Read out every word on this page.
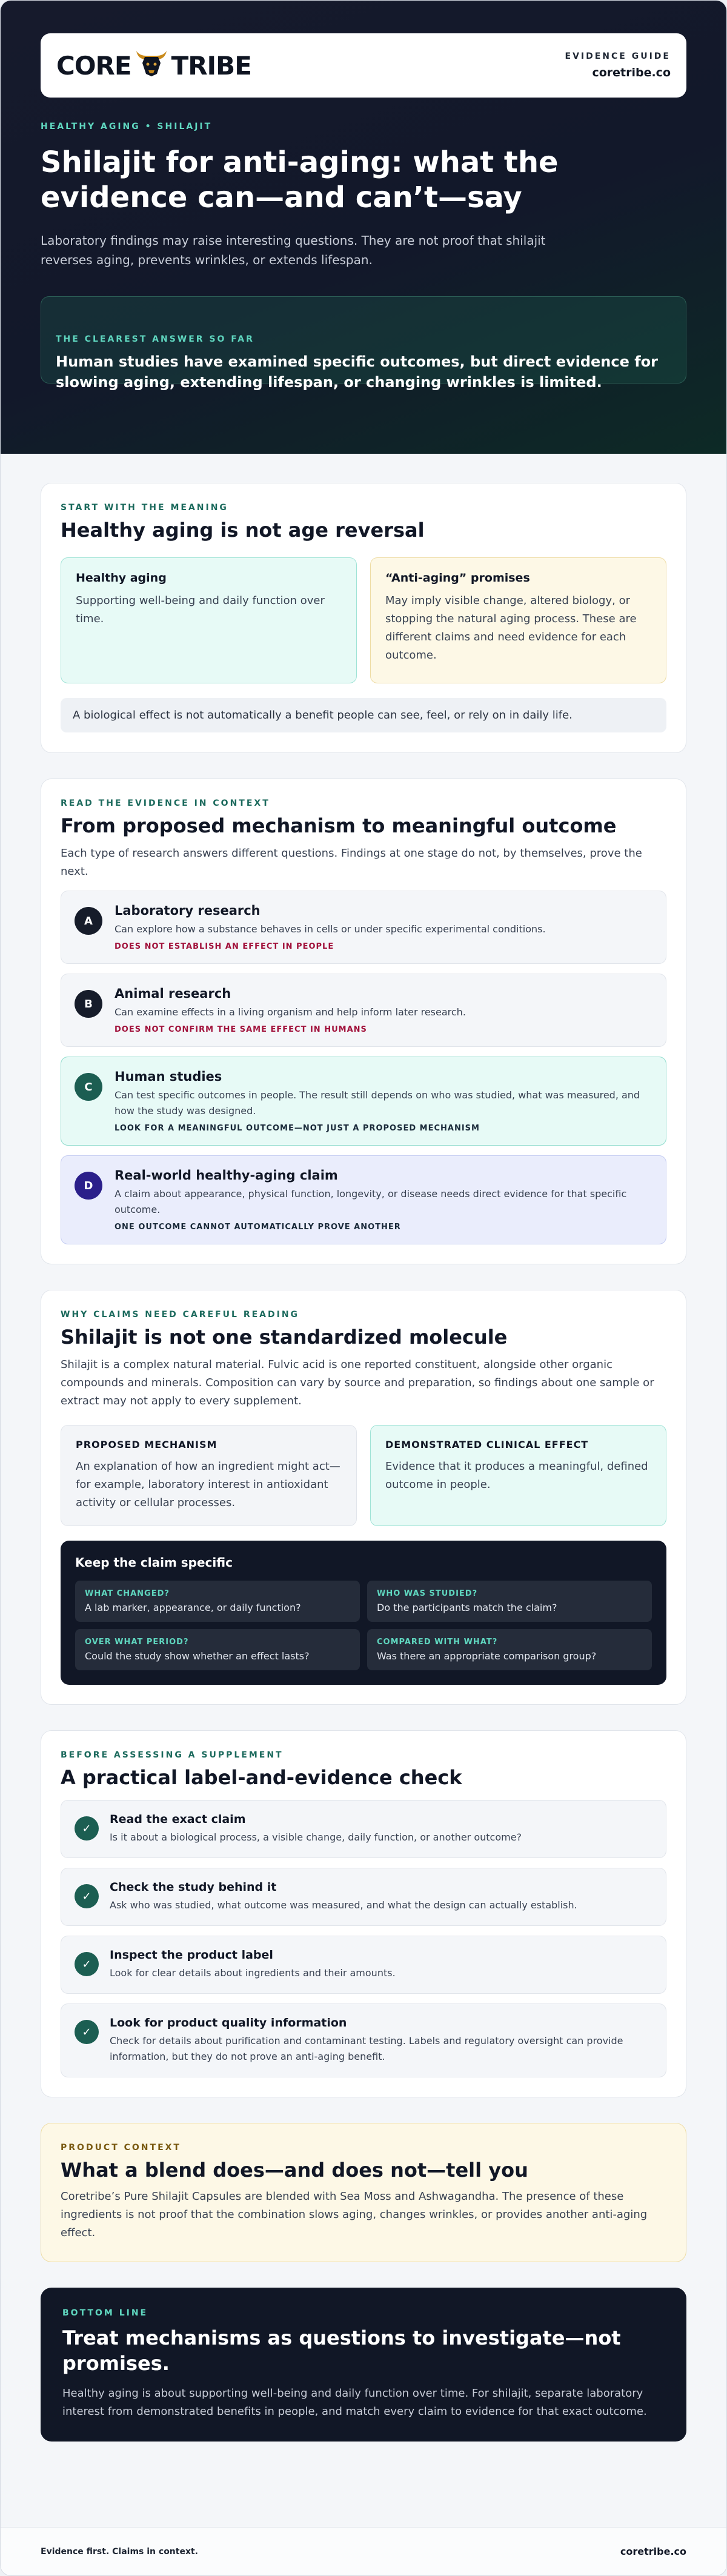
CORE TRIBE	EVIDENCE GUIDE
coretribe.co
HEALTHY AGING • SHILAJIT
Shilajit for anti-aging: what the evidence can—and can’t—say

Laboratory findings may raise interesting questions. They are not proof that shilajit reverses aging, prevents wrinkles, or extends lifespan.

THE CLEAREST ANSWER SO FAR

Human studies have examined specific outcomes, but direct evidence for slowing aging, extending lifespan, or changing wrinkles is limited.

START WITH THE MEANING
Healthy aging is not age reversal
Healthy aging

Supporting well-being and daily function over time.

“Anti-aging” promises

May imply visible change, altered biology, or stopping the natural aging process. These are different claims and need evidence for each outcome.

A biological effect is not automatically a benefit people can see, feel, or rely on in daily life.
READ THE EVIDENCE IN CONTEXT
From proposed mechanism to meaningful outcome

Each type of research answers different questions. Findings at one stage do not, by themselves, prove the next.

A
Laboratory research

Can explore how a substance behaves in cells or under specific experimental conditions.

DOES NOT ESTABLISH AN EFFECT IN PEOPLE
B
Animal research

Can examine effects in a living organism and help inform later research.

DOES NOT CONFIRM THE SAME EFFECT IN HUMANS
C
Human studies

Can test specific outcomes in people. The result still depends on who was studied, what was measured, and how the study was designed.

LOOK FOR A MEANINGFUL OUTCOME—NOT JUST A PROPOSED MECHANISM
D
Real-world healthy-aging claim

A claim about appearance, physical function, longevity, or disease needs direct evidence for that specific outcome.

ONE OUTCOME CANNOT AUTOMATICALLY PROVE ANOTHER
WHY CLAIMS NEED CAREFUL READING
Shilajit is not one standardized molecule

Shilajit is a complex natural material. Fulvic acid is one reported constituent, alongside other organic compounds and minerals. Composition can vary by source and preparation, so findings about one sample or extract may not apply to every supplement.

PROPOSED MECHANISM

An explanation of how an ingredient might act—for example, laboratory interest in antioxidant activity or cellular processes.

DEMONSTRATED CLINICAL EFFECT

Evidence that it produces a meaningful, defined outcome in people.

Keep the claim specific
WHAT CHANGED?
A lab marker, appearance, or daily function?
WHO WAS STUDIED?
Do the participants match the claim?
OVER WHAT PERIOD?
Could the study show whether an effect lasts?
COMPARED WITH WHAT?
Was there an appropriate comparison group?
BEFORE ASSESSING A SUPPLEMENT
A practical label-and-evidence check
✓
Read the exact claim

Is it about a biological process, a visible change, daily function, or another outcome?

✓
Check the study behind it

Ask who was studied, what outcome was measured, and what the design can actually establish.

✓
Inspect the product label

Look for clear details about ingredients and their amounts.

✓
Look for product quality information

Check for details about purification and contaminant testing. Labels and regulatory oversight can provide information, but they do not prove an anti-aging benefit.

PRODUCT CONTEXT
What a blend does—and does not—tell you

Coretribe’s Pure Shilajit Capsules are blended with Sea Moss and Ashwagandha. The presence of these ingredients is not proof that the combination slows aging, changes wrinkles, or provides another anti-aging effect.

BOTTOM LINE
Treat mechanisms as questions to investigate—not promises.

Healthy aging is about supporting well-being and daily function over time. For shilajit, separate laboratory interest from demonstrated benefits in people, and match every claim to evidence for that exact outcome.

Evidence first. Claims in context.	coretribe.co
